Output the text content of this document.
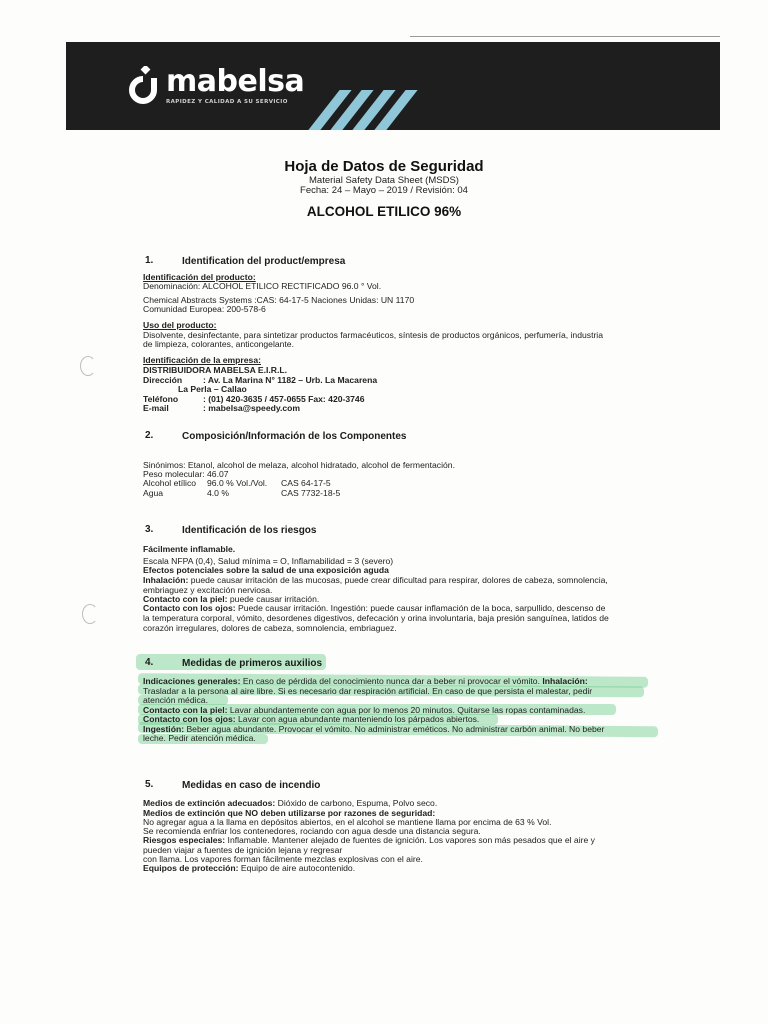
mabelsa
RAPIDEZ Y CALIDAD A SU SERVICIO
Hoja de Datos de Seguridad
Material Safety Data Sheet (MSDS)
Fecha: 24 – Mayo – 2019 / Revisión: 04
ALCOHOL ETILICO 96%
1.	Identification del product/empresa
Identificación del producto:
Denominación: ALCOHOL ETILICO RECTIFICADO 96.0 ° Vol.
Chemical Abstracts Systems :CAS: 64-17-5 Naciones Unidas: UN 1170
Comunidad Europea: 200-578-6
Uso del producto:
Disolvente, desinfectante, para sintetizar productos farmacéuticos, síntesis de productos orgánicos, perfumería, industria
de limpieza, colorantes, anticongelante.
Identificación de la empresa:
DISTRIBUIDORA MABELSA E.I.R.L.
Dirección : Av. La Marina N° 1182 – Urb. La Macarena
La Perla – Callao
Teléfono	: (01) 420-3635 / 457-0655 Fax: 420-3746
E-mail	: mabelsa@speedy.com
2.	Composición/Información de los Componentes
Sinónimos: Etanol, alcohol de melaza, alcohol hidratado, alcohol de fermentación.
Peso molecular: 46.07
Alcohol etílico 96.0 % Vol./Vol. CAS 64-17-5
Agua	4.0 %	CAS 7732-18-5
3.	Identificación de los riesgos
Fácilmente inflamable.
Escala NFPA (0,4), Salud mínima = O, Inflamabilidad = 3 (severo)
Efectos potenciales sobre la salud de una exposición aguda
Inhalación: puede causar irritación de las mucosas, puede crear dificultad para respirar, dolores de cabeza, somnolencia,
embriaguez y excitación nerviosa.
Contacto con la piel: puede causar irritación.
Contacto con los ojos: Puede causar irritación. Ingestión: puede causar inflamación de la boca, sarpullido, descenso de
la temperatura corporal, vómito, desordenes digestivos, defecación y orina involuntaria, baja presión sanguínea, latidos de
corazón irregulares, dolores de cabeza, somnolencia, embriaguez.
4.	Medidas de primeros auxilios
Indicaciones generales: En caso de pérdida del conocimiento nunca dar a beber ni provocar el vómito. Inhalación:
Trasladar a la persona al aire libre. Si es necesario dar respiración artificial. En caso de que persista el malestar, pedir
atención médica.
Contacto con la piel: Lavar abundantemente con agua por lo menos 20 minutos. Quitarse las ropas contaminadas.
Contacto con los ojos: Lavar con agua abundante manteniendo los párpados abiertos.
Ingestión: Beber agua abundante. Provocar el vómito. No administrar eméticos. No administrar carbón animal. No beber
leche. Pedir atención médica.
5.	Medidas en caso de incendio
Medios de extinción adecuados: Dióxido de carbono, Espuma, Polvo seco.
Medios de extinción que NO deben utilizarse por razones de seguridad:
No agregar agua a la llama en depósitos abiertos, en el alcohol se mantiene llama por encima de 63 % Vol.
Se recomienda enfriar los contenedores, rociando con agua desde una distancia segura.
Riesgos especiales: Inflamable. Mantener alejado de fuentes de ignición. Los vapores son más pesados que el aire y
pueden viajar a fuentes de ignición lejana y regresar
con llama. Los vapores forman fácilmente mezclas explosivas con el aire.
Equipos de protección: Equipo de aire autocontenido.
